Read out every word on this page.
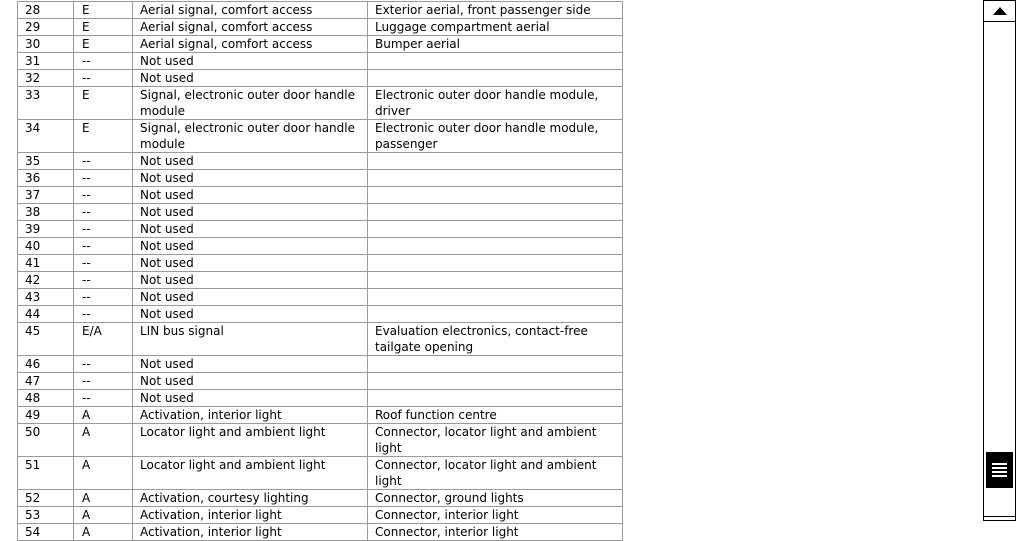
28	E	Aerial signal, comfort access	Exterior aerial, front passenger side
29	E	Aerial signal, comfort access	Luggage compartment aerial
30	E	Aerial signal, comfort access	Bumper aerial
31	--	Not used	
32	--	Not used	
33	E	Signal, electronic outer door handle module	Electronic outer door handle module, driver
34	E	Signal, electronic outer door handle module	Electronic outer door handle module, passenger
35	--	Not used	
36	--	Not used	
37	--	Not used	
38	--	Not used	
39	--	Not used	
40	--	Not used	
41	--	Not used	
42	--	Not used	
43	--	Not used	
44	--	Not used	
45	E/A	LIN bus signal	Evaluation electronics, contact-free tailgate opening
46	--	Not used	
47	--	Not used	
48	--	Not used	
49	A	Activation, interior light	Roof function centre
50	A	Locator light and ambient light	Connector, locator light and ambient light
51	A	Locator light and ambient light	Connector, locator light and ambient light
52	A	Activation, courtesy lighting	Connector, ground lights
53	A	Activation, interior light	Connector, interior light
54	A	Activation, interior light	Connector, interior light
